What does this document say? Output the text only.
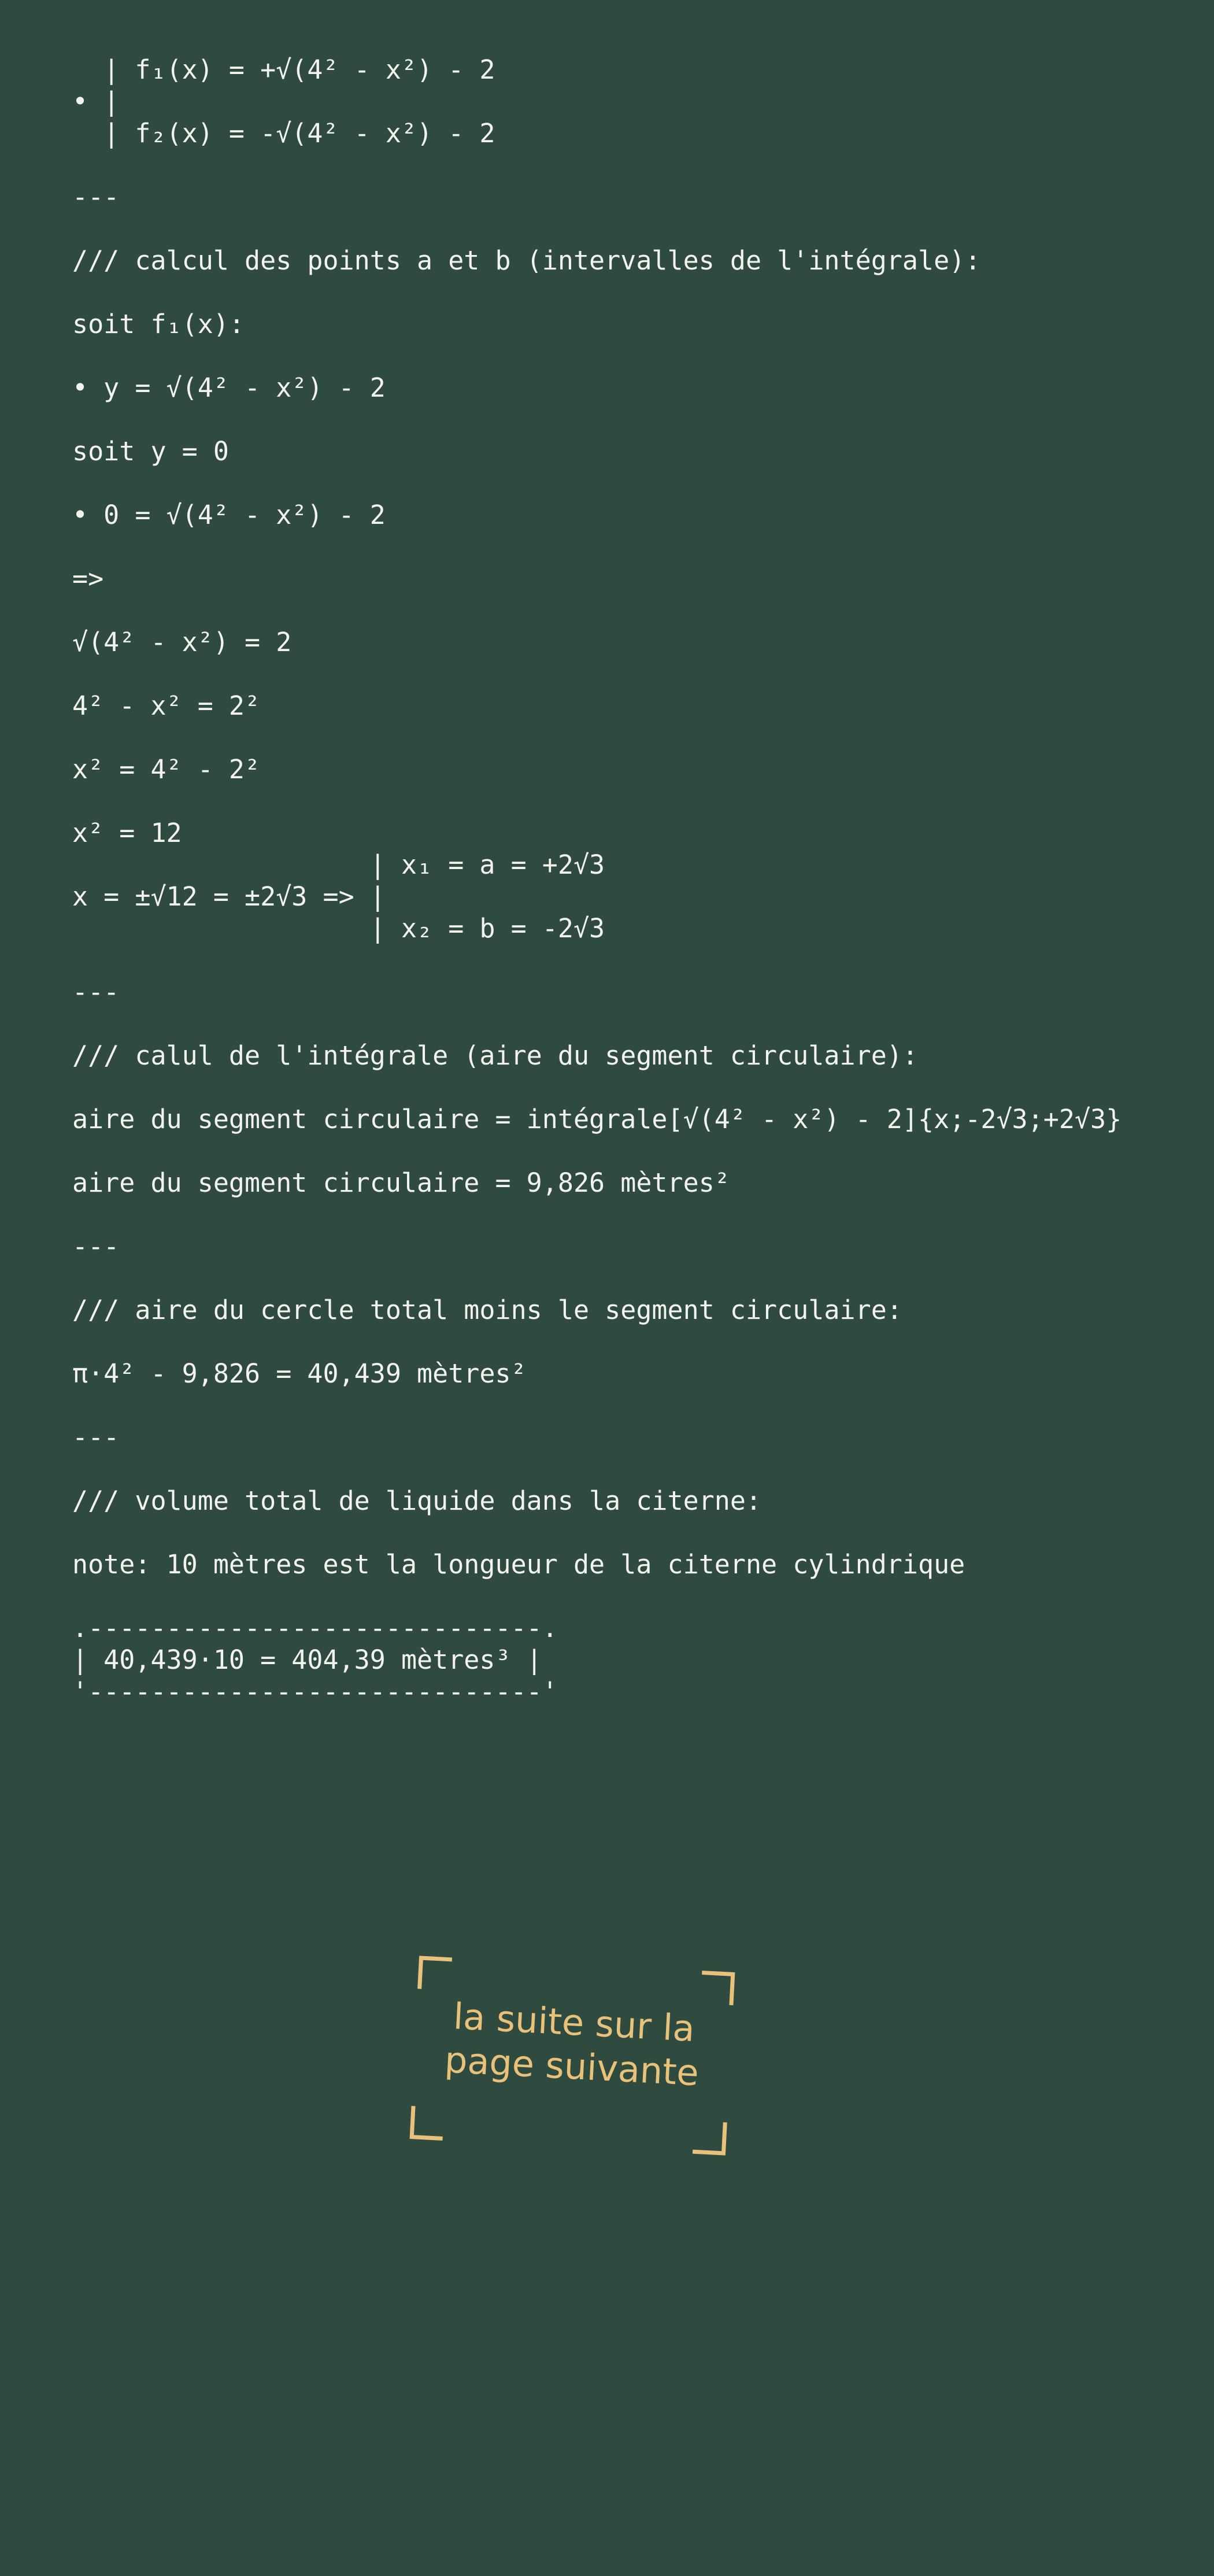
| f₁(x) = +√(4² - x²) - 2
• |
| f₂(x) = -√(4² - x²) - 2
---
/// calcul des points a et b (intervalles de l'intégrale):
soit f₁(x):
• y = √(4² - x²) - 2
soit y = 0
• 0 = √(4² - x²) - 2
=>
√(4² - x²) = 2
4² - x² = 2²
x² = 4² - 2²
x² = 12
| x₁ = a = +2√3
x = ±√12 = ±2√3 => |
| x₂ = b = -2√3
---
/// calul de l'intégrale (aire du segment circulaire):
aire du segment circulaire = intégrale[√(4² - x²) - 2]{x;-2√3;+2√3}
aire du segment circulaire = 9,826 mètres²
---
/// aire du cercle total moins le segment circulaire:
π·4² - 9,826 = 40,439 mètres²
---
/// volume total de liquide dans la citerne:
note: 10 mètres est la longueur de la citerne cylindrique
.-----------------------------.
| 40,439·10 = 404,39 mètres³ |
'-----------------------------'
la suite sur la
page suivante
